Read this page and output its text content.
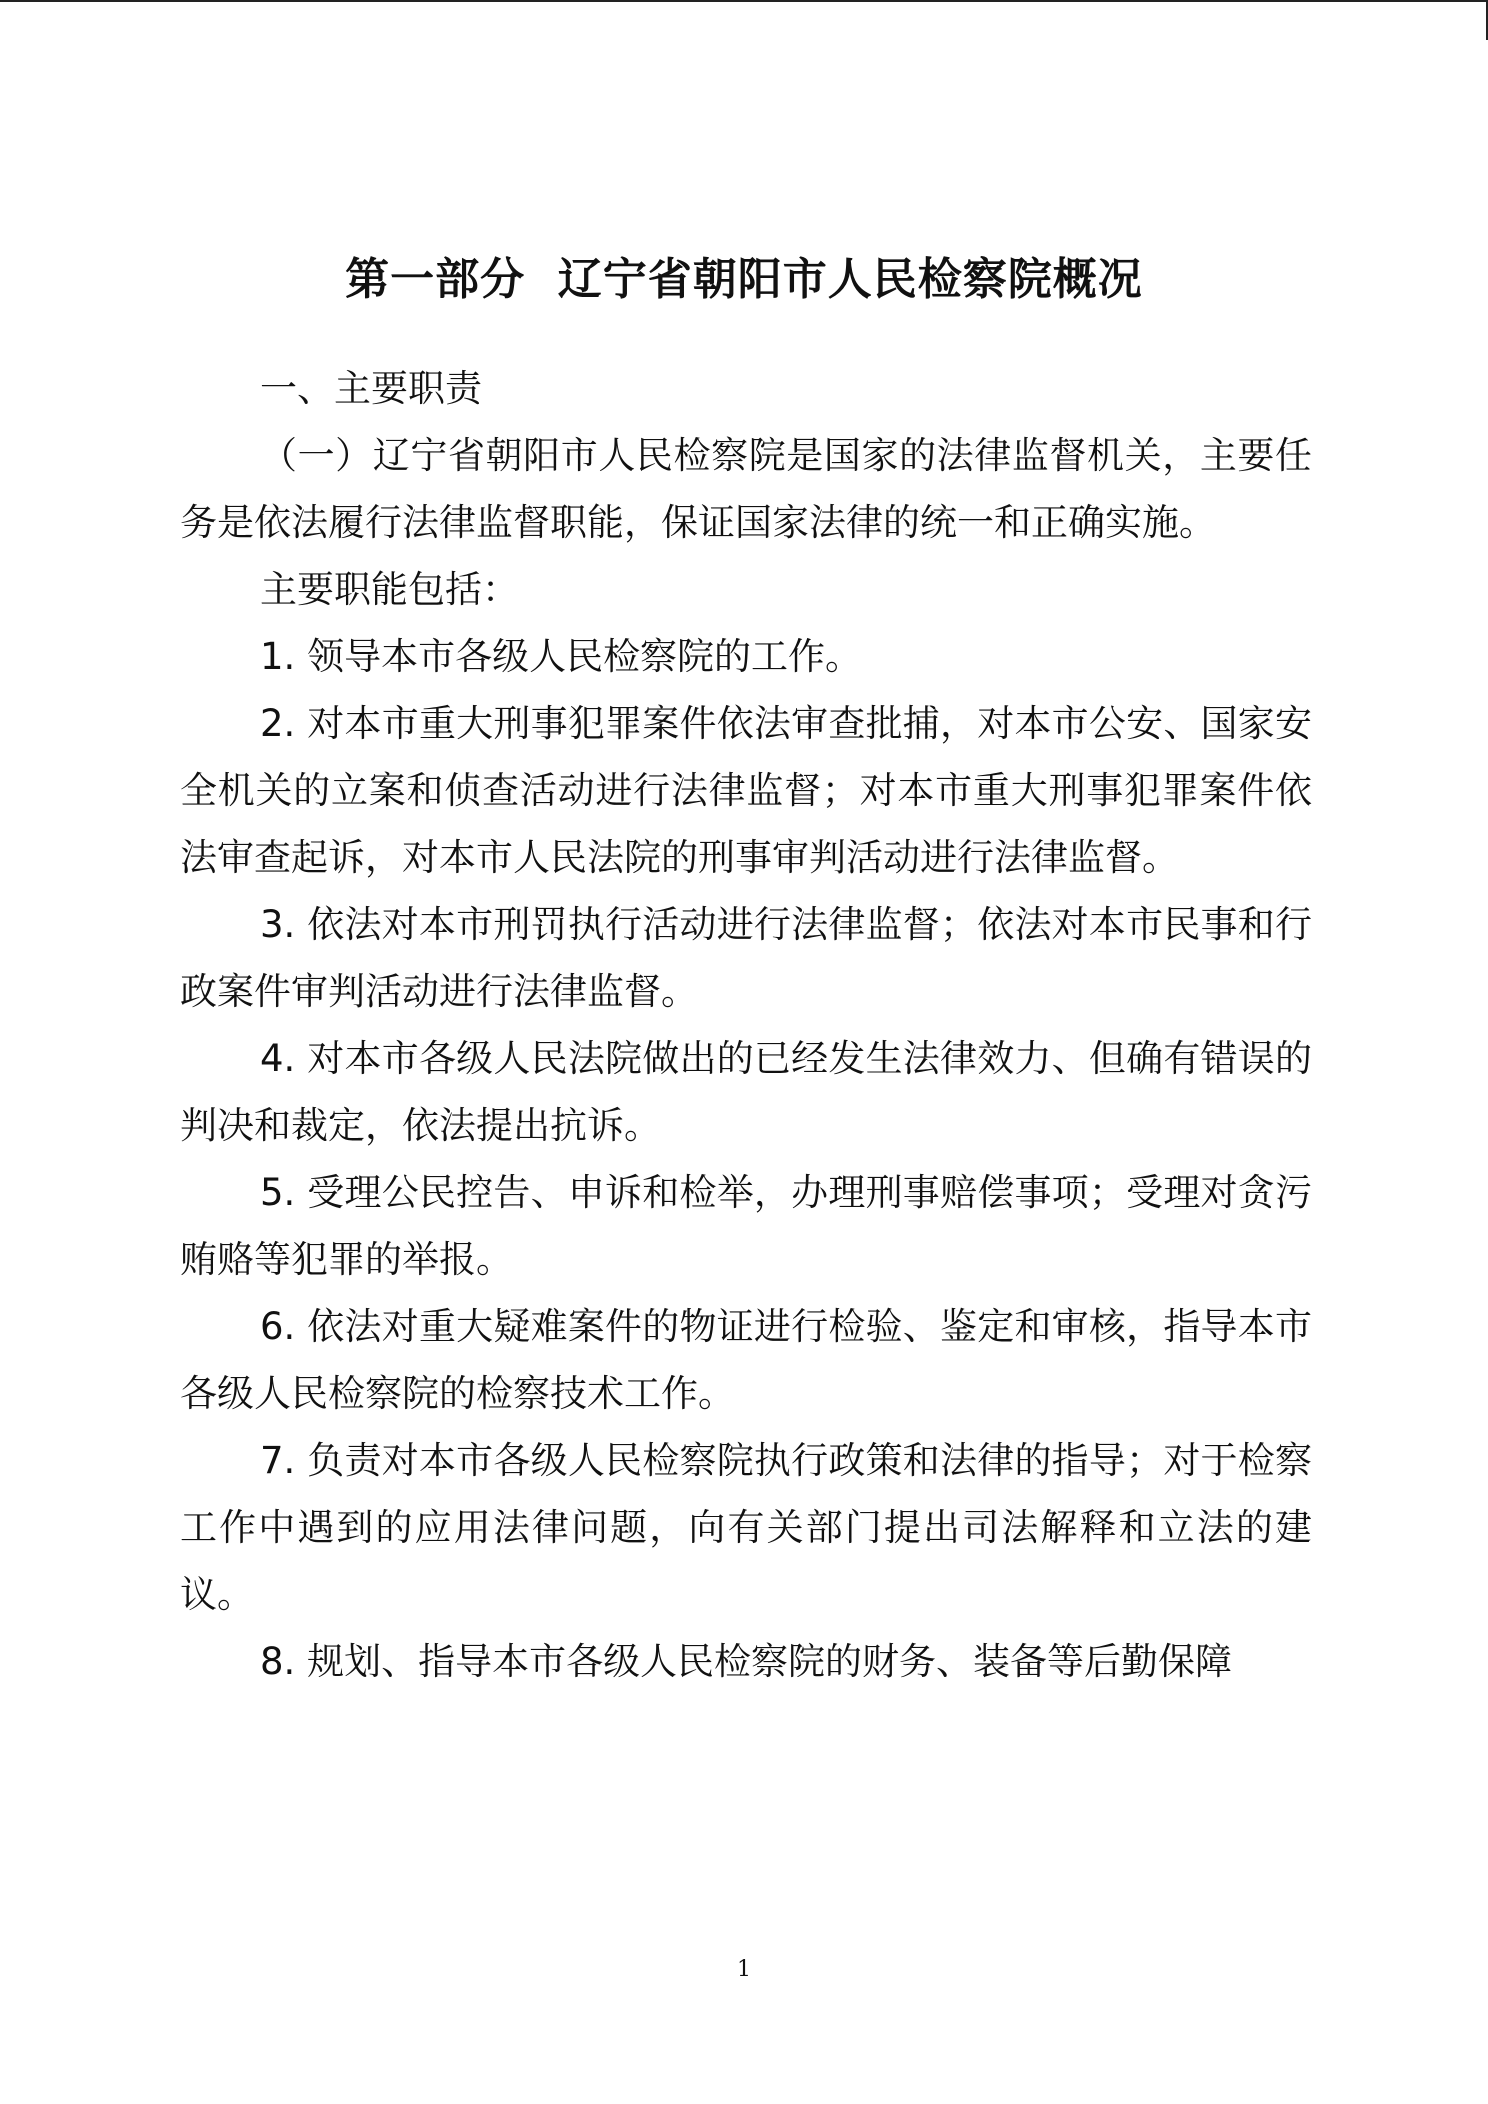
第一部分  辽宁省朝阳市人民检察院概况

一、主要职责

（一）辽宁省朝阳市人民检察院是国家的法律监督机关，主要任务是依法履行法律监督职能，保证国家法律的统一和正确实施。

主要职能包括：

1. 领导本市各级人民检察院的工作。

2. 对本市重大刑事犯罪案件依法审查批捕，对本市公安、国家安全机关的立案和侦查活动进行法律监督；对本市重大刑事犯罪案件依法审查起诉，对本市人民法院的刑事审判活动进行法律监督。

3. 依法对本市刑罚执行活动进行法律监督；依法对本市民事和行政案件审判活动进行法律监督。

4. 对本市各级人民法院做出的已经发生法律效力、但确有错误的判决和裁定，依法提出抗诉。

5. 受理公民控告、申诉和检举，办理刑事赔偿事项；受理对贪污贿赂等犯罪的举报。

6. 依法对重大疑难案件的物证进行检验、鉴定和审核，指导本市各级人民检察院的检察技术工作。

7. 负责对本市各级人民检察院执行政策和法律的指导；对于检察工作中遇到的应用法律问题，向有关部门提出司法解释和立法的建议。

8. 规划、指导本市各级人民检察院的财务、装备等后勤保障

1
